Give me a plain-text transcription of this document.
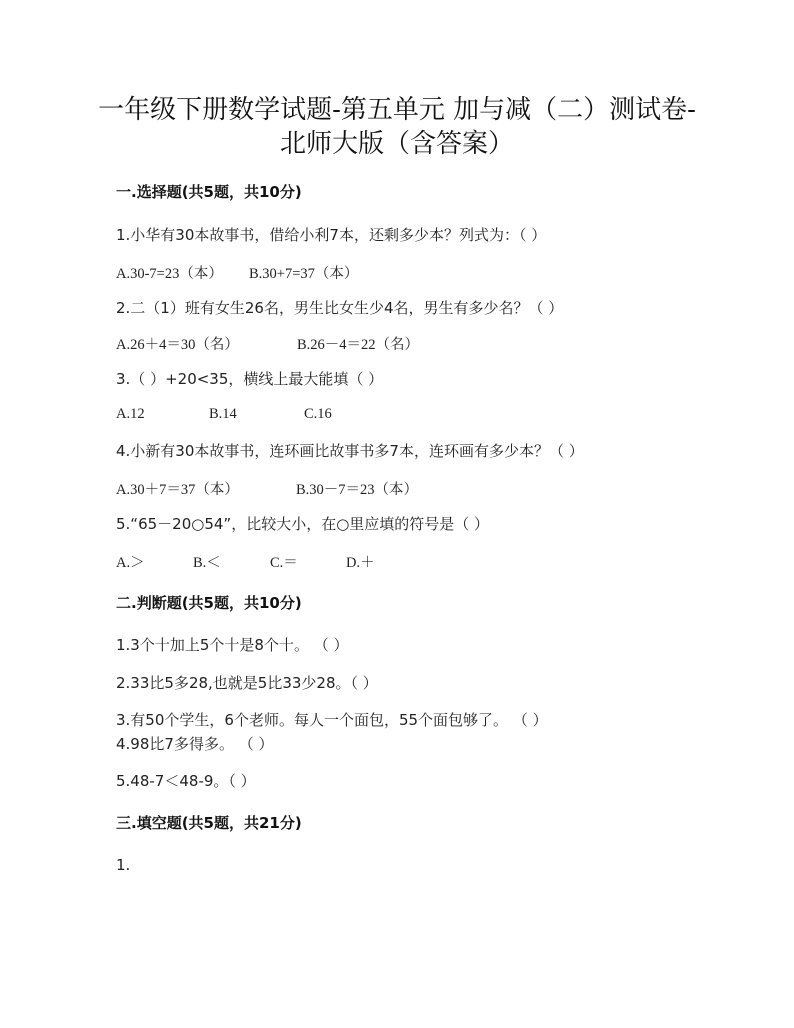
一年级下册数学试题-第五单元 加与减（二）测试卷-
北师大版（含答案）
一.选择题(共5题，共10分)
1.小华有30本故事书，借给小利7本，还剩多少本？列式为：（ ）
A.30-7=23（本） B.30+7=37（本）
2.二（1）班有女生26名，男生比女生少4名，男生有多少名？（ ）
A.26＋4＝30（名）	B.26－4＝22（名）
3.（ ）+20<35，横线上最大能填（ ）
A.12	B.14	C.16
4.小新有30本故事书，连环画比故事书多7本，连环画有多少本？（ ）
A.30＋7＝37（本）	B.30－7＝23（本）
5.“65－20○54”，比较大小，在○里应填的符号是（ ）
A.＞	B.＜	C.＝	D.＋
二.判断题(共5题，共10分)
1.3个十加上5个十是8个十。 （ ）
2.33比5多28,也就是5比33少28。（ ）
3.有50个学生，6个老师。每人一个面包，55个面包够了。 （ ）
4.98比7多得多。 （ ）
5.48-7＜48-9。（ ）
三.填空题(共5题，共21分)
1.
